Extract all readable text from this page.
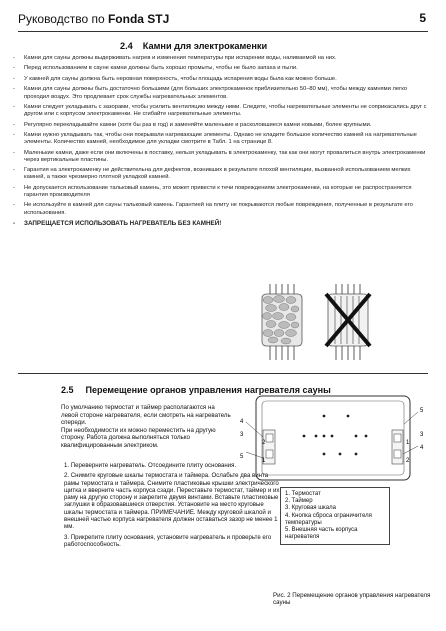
Руководство по Fonda STJ	5
2.4 Камни для электрокаменки
- Камни для сауны должны выдерживать нагрев и изменения температуры при испарении воды, наливаемой на них.
- Перед использованием в сауне камни должны быть хорошо промыты, чтобы не было запаха и пыли.
- У камней для сауны должна быть неровная поверхность, чтобы площадь испарения воды была как можно больше.
- Камни для сауны должны быть достаточно большими (для больших электрокаменок приблизительно 50–80 мм), чтобы между камнями легко проходил воздух. Это продлевает срок службы нагревательных элементов.
- Камни следует укладывать с зазорами, чтобы усилить вентиляцию между ними. Следите, чтобы нагревательные элементы не соприкасались друг с другом или с корпусом электрокаменки. Не сгибайте нагревательные элементы.
- Регулярно перекладывайте камни (хотя бы раз в год) и заменяйте маленькие и расколовшиеся камни новыми, более крупными.
- Камни нужно укладывать так, чтобы они покрывали нагревающие элементы. Однако не кладите большое количество камней на нагревательные элементы. Количество камней, необходимое для укладки смотрите в Табл. 1 на странице 8.
- Маленькие камни, даже если они включены в поставку, нельзя укладывать в электрокаменку, так как они могут провалиться внутрь электрокаменки через вертикальные пластины.
- Гарантия на электрокаменку не действительна для дефектов, возникших в результате плохой вентиляции, вызванной использованием мелких камней, а также чрезмерно плотной укладкой камней.
- Не допускается использование тальковый камень, это может привести к течи повреждениям электрокаменки, на которые не распространяется гарантия производителя
- Не используйте в камней для сауны тальковый камень. Гарантией на плиту не покрываются любые повреждения, полученные в результате его использования.
- ЗАПРЕЩАЕТСЯ ИСПОЛЬЗОВАТЬ НАГРЕВАТЕЛЬ БЕЗ КАМНЕЙ!
2.5 Перемещение органов управления нагревателя сауны

По умолчанию термостат и таймер располагаются на левой стороне нагревателя, если смотреть на нагреватель спереди.

При необходимости их можно переместить на другую сторону. Работа должна выполняться только квалифицированным электриком.

4
3
2
1
5
5
1
3
2
4
1. Термостат
2. Таймер
3. Круговая шкала
4. Кнопка сброса ограничителя температуры
5. Внешняя часть корпуса нагревателя
1. Переверните нагреватель. Отсоедините плиту основания.
2. Снимите круговые шкалы термостата и таймера. Ослабьте два винта рамы термостата и таймера. Снимите пластиковые крышки электрического щитка и вверните часть корпуса сзади. Переставьте термостат, таймер и их раму на другую сторону и закрепите двумя винтами. Вставьте пластиковые заглушки в образовавшиеся отверстия. Установите на место круговые шкалы термостата и таймера. ПРИМЕЧАНИЕ. Между круговой шкалой и внешней частью корпуса нагревателя должен оставаться зазор не менее 1 мм.
3. Прикрепите плиту основания, установите нагреватель и проверьте его работоспособность.
Рис. 2 Перемещение органов управления нагревателя сауны
